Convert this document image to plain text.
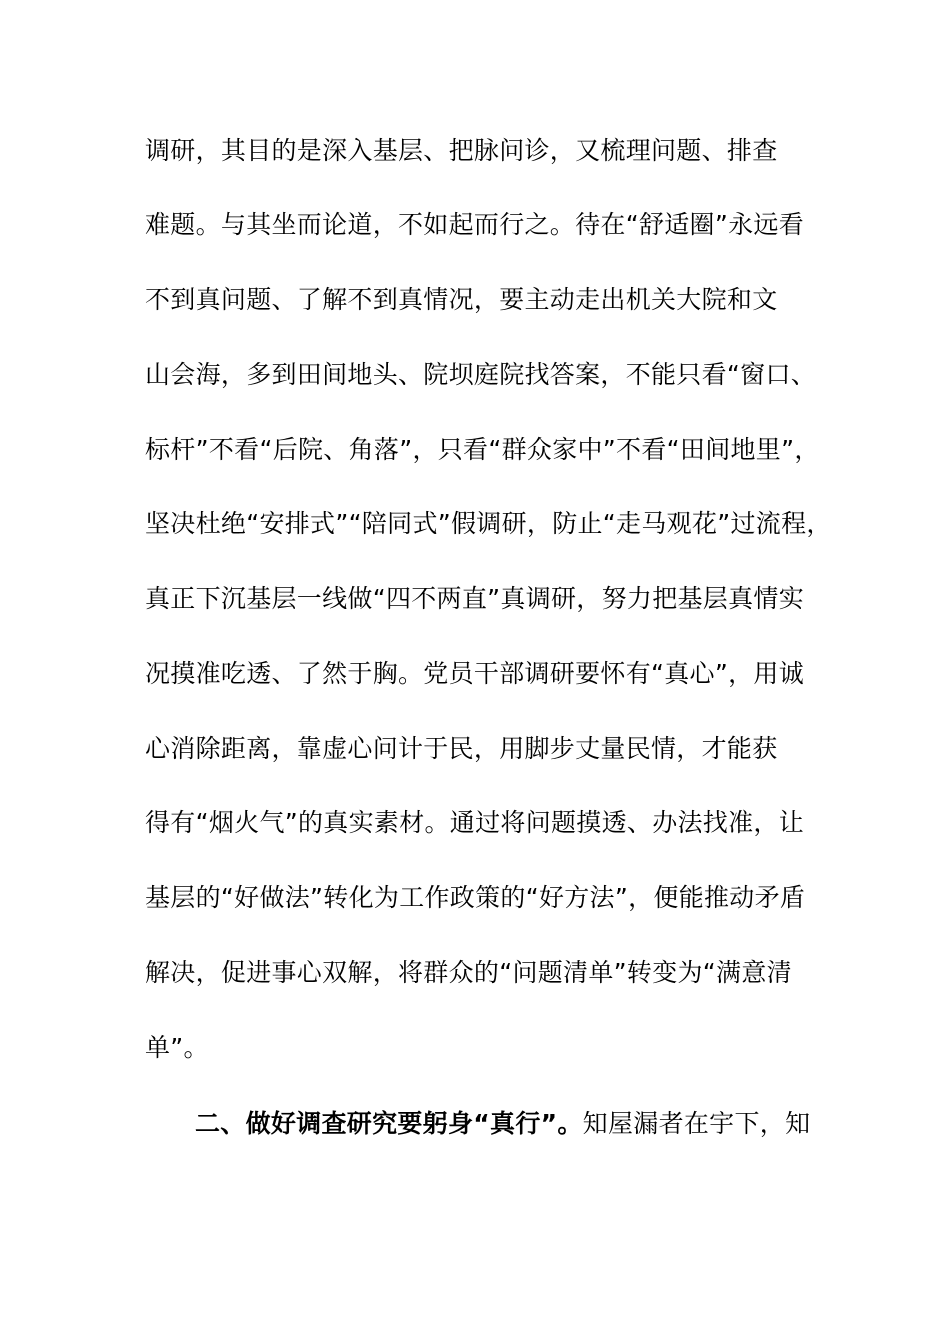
调研，其目的是深入基层、把脉问诊，又梳理问题、排查
难题。与其坐而论道，不如起而行之。待在“舒适圈”永远看
不到真问题、了解不到真情况，要主动走出机关大院和文
山会海，多到田间地头、院坝庭院找答案，不能只看“窗口、
标杆”不看“后院、角落”，只看“群众家中”不看“田间地里”，
坚决杜绝“安排式”“陪同式”假调研，防止“走马观花”过流程，
真正下沉基层一线做“四不两直”真调研，努力把基层真情实
况摸准吃透、了然于胸。党员干部调研要怀有“真心”，用诚
心消除距离，靠虚心问计于民，用脚步丈量民情，才能获
得有“烟火气”的真实素材。通过将问题摸透、办法找准，让
基层的“好做法”转化为工作政策的“好方法”，便能推动矛盾
解决，促进事心双解，将群众的“问题清单”转变为“满意清
单”。
二、做好调查研究要躬身“真行”。知屋漏者在宇下，知
